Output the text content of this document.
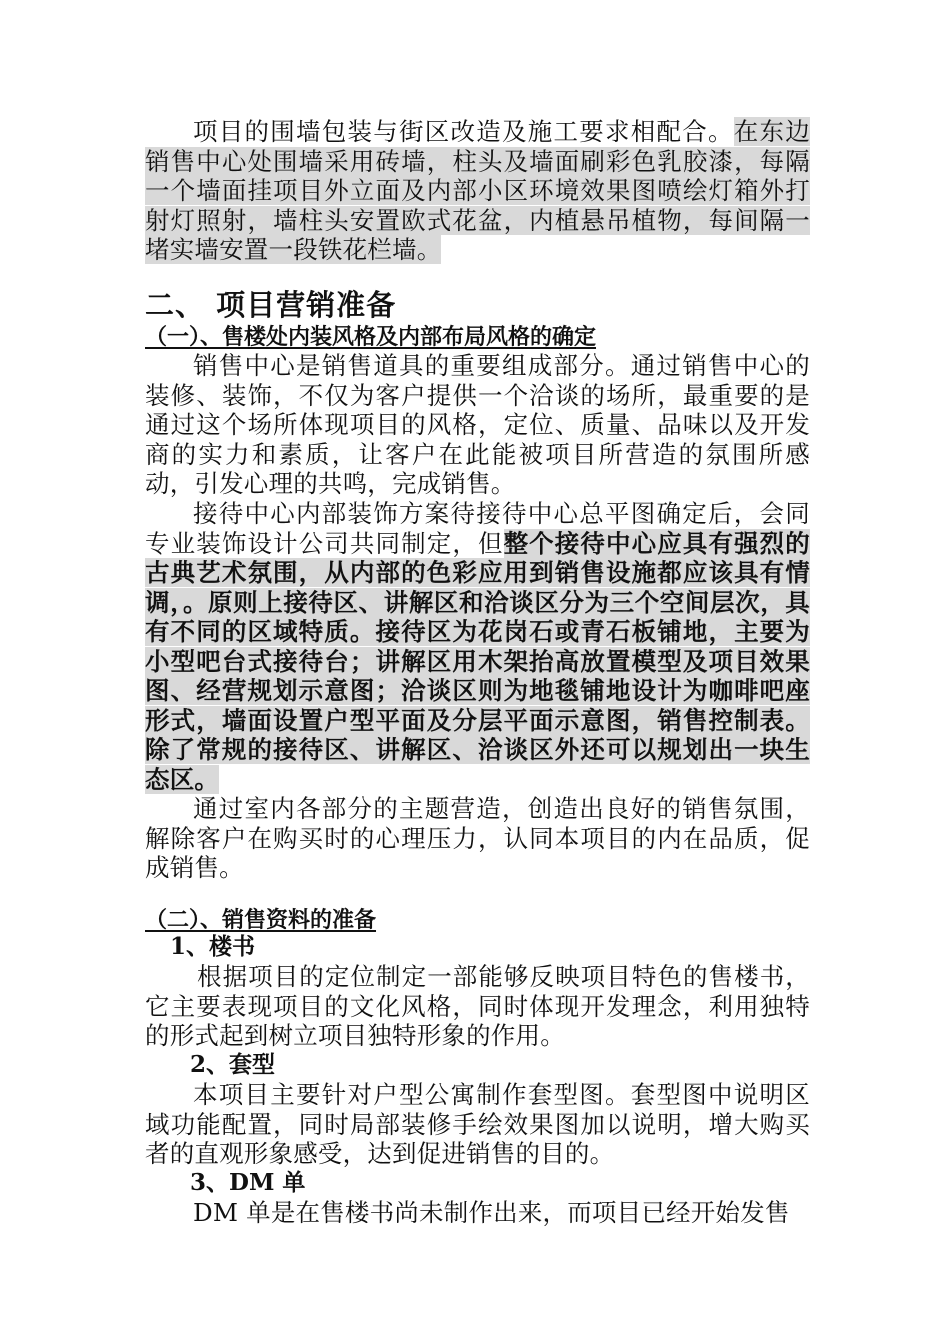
项目的围墙包装与街区改造及施工要求相配合。在东边销售中心处围墙采用砖墙，柱头及墙面刷彩色乳胶漆，每隔一个墙面挂项目外立面及内部小区环境效果图喷绘灯箱外打射灯照射，墙柱头安置欧式花盆，内植悬吊植物，每间隔一堵实墙安置一段铁花栏墙。

二、 项目营销准备
（一）、售楼处内装风格及内部布局风格的确定

销售中心是销售道具的重要组成部分。通过销售中心的装修、装饰，不仅为客户提供一个洽谈的场所，最重要的是通过这个场所体现项目的风格，定位、质量、品味以及开发商的实力和素质，让客户在此能被项目所营造的氛围所感动，引发心理的共鸣，完成销售。

接待中心内部装饰方案待接待中心总平图确定后，会同专业装饰设计公司共同制定，但整个接待中心应具有强烈的古典艺术氛围，从内部的色彩应用到销售设施都应该具有情调，。原则上接待区、讲解区和洽谈区分为三个空间层次，具有不同的区域特质。接待区为花岗石或青石板铺地，主要为小型吧台式接待台；讲解区用木架抬高放置模型及项目效果图、经营规划示意图；洽谈区则为地毯铺地设计为咖啡吧座形式，墙面设置户型平面及分层平面示意图，销售控制表。除了常规的接待区、讲解区、洽谈区外还可以规划出一块生态区。

通过室内各部分的主题营造，创造出良好的销售氛围，解除客户在购买时的心理压力，认同本项目的内在品质，促成销售。

（二）、销售资料的准备
1、楼书

根据项目的定位制定一部能够反映项目特色的售楼书，它主要表现项目的文化风格，同时体现开发理念，利用独特的形式起到树立项目独特形象的作用。

2、套型

本项目主要针对户型公寓制作套型图。套型图中说明区域功能配置，同时局部装修手绘效果图加以说明，增大购买者的直观形象感受，达到促进销售的目的。

3、DM 单

DM 单是在售楼书尚未制作出来，而项目已经开始发售
